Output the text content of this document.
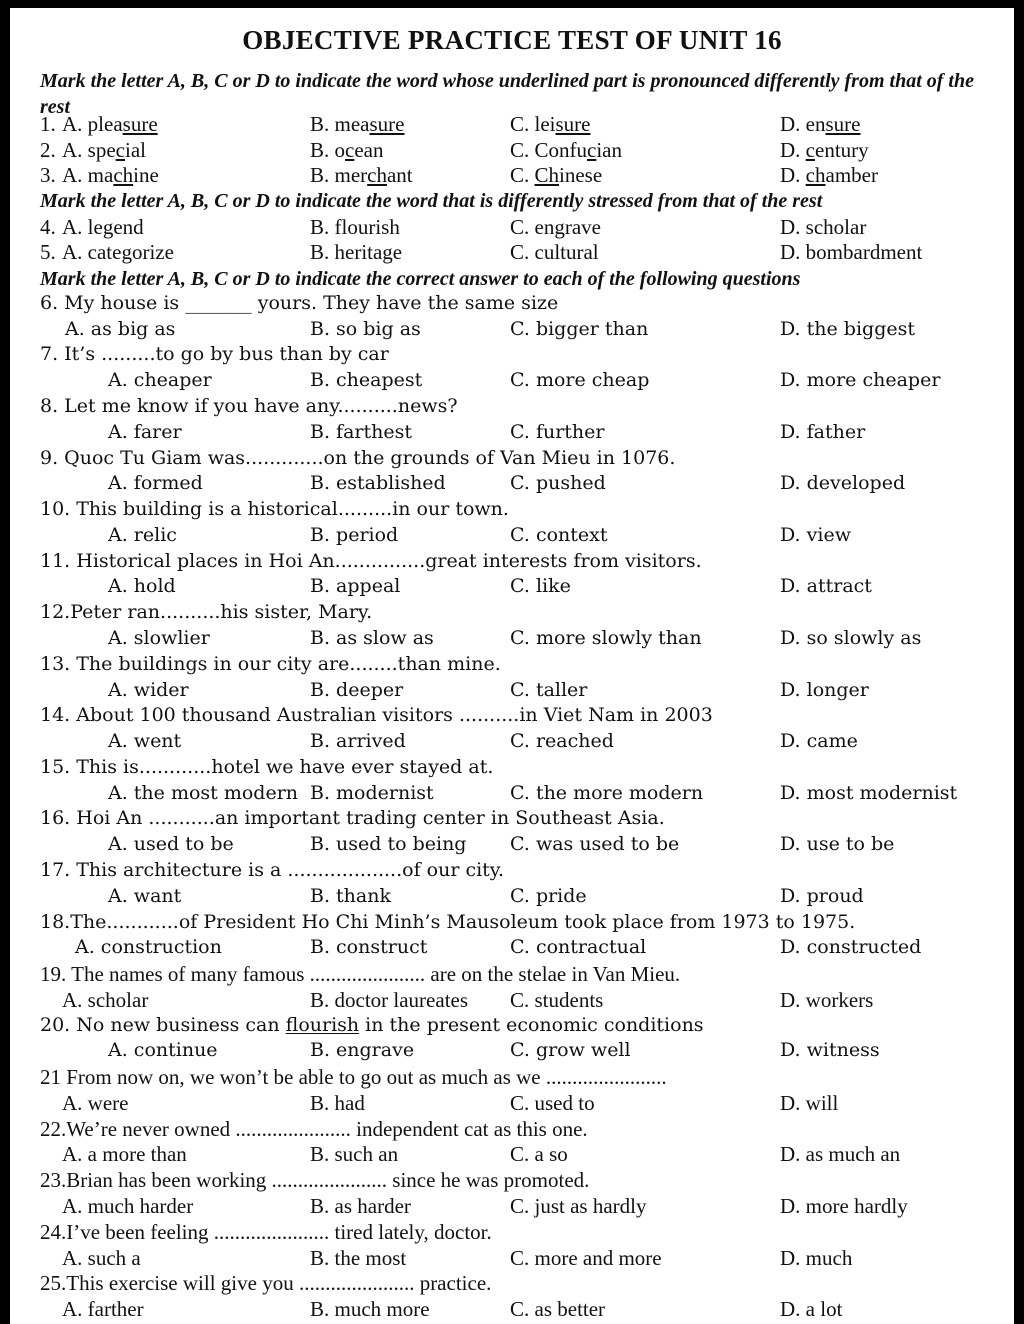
OBJECTIVE PRACTICE TEST OF UNIT 16
Mark the letter A, B, C or D to indicate the word whose underlined part is pronounced differently from that of the rest
1. A. pleasure	B. measure	C. leisure	D. ensure
2. A. special	B. ocean	C. Confucian	D. century
3. A. machine	B. merchant	C. Chinese	D. chamber
Mark the letter A, B, C or D to indicate the word that is differently stressed from that of the rest
4. A. legend	B. flourish	C. engrave	D. scholar
5. A. categorize	B. heritage	C. cultural	D. bombardment
Mark the letter A, B, C or D to indicate the correct answer to each of the following questions
6. My house is _______ yours. They have the same size
A. as big as	B. so big as	C. bigger than	D. the biggest
7. It’s .........to go by bus than by car
A. cheaper	B. cheapest	C. more cheap	D. more cheaper
8. Let me know if you have any..........news?
A. farer	B. farthest	C. further	D. father
9. Quoc Tu Giam was.............on the grounds of Van Mieu in 1076.
A. formed	B. established	C. pushed	D. developed
10. This building is a historical.........in our town.
A. relic	B. period	C. context	D. view
11. Historical places in Hoi An...............great interests from visitors.
A. hold	B. appeal	C. like	D. attract
12.Peter ran..........his sister, Mary.
A. slowlier	B. as slow as	C. more slowly than	D. so slowly as
13. The buildings in our city are........than mine.
A. wider	B. deeper	C. taller	D. longer
14. About 100 thousand Australian visitors ..........in Viet Nam in 2003
A. went	B. arrived	C. reached	D. came
15. This is............hotel we have ever stayed at.
A. the most modern B. modernist	C. the more modern	D. most modernist
16. Hoi An ...........an important trading center in Southeast Asia.
A. used to be	B. used to being C. was used to be	D. use to be
17. This architecture is a ...................of our city.
A. want	B. thank	C. pride	D. proud
18.The............of President Ho Chi Minh’s Mausoleum took place from 1973 to 1975.
A. construction	B. construct	C. contractual	D. constructed
19. The names of many famous ...................... are on the stelae in Van Mieu.
A. scholar	B. doctor laureates C. students	D. workers
20. No new business can flourish in the present economic conditions
A. continue	B. engrave	C. grow well	D. witness
21 From now on, we won’t be able to go out as much as we .......................
A. were	B. had	C. used to	D. will
22.We’re never owned ...................... independent cat as this one.
A. a more than	B. such an	C. a so	D. as much an
23.Brian has been working ...................... since he was promoted.
A. much harder	B. as harder	C. just as hardly	D. more hardly
24.I’ve been feeling ...................... tired lately, doctor.
A. such a	B. the most	C. more and more	D. much
25.This exercise will give you ...................... practice.
A. farther	B. much more	C. as better	D. a lot
